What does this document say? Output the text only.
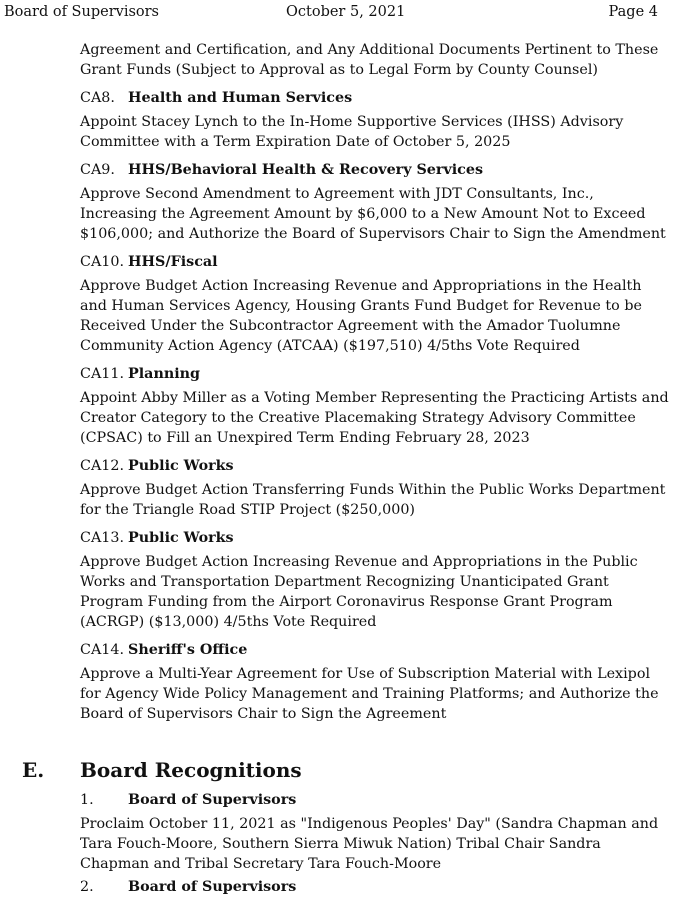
Board of Supervisors	October 5, 2021	Page 4

Agreement and Certification, and Any Additional Documents Pertinent to These Grant Funds (Subject to Approval as to Legal Form by County Counsel)

CA8. Health and Human Services

Appoint Stacey Lynch to the In-Home Supportive Services (IHSS) Advisory Committee with a Term Expiration Date of October 5, 2025

CA9. HHS/Behavioral Health & Recovery Services

Approve Second Amendment to Agreement with JDT Consultants, Inc., Increasing the Agreement Amount by $6,000 to a New Amount Not to Exceed $106,000; and Authorize the Board of Supervisors Chair to Sign the Amendment

CA10. HHS/Fiscal

Approve Budget Action Increasing Revenue and Appropriations in the Health and Human Services Agency, Housing Grants Fund Budget for Revenue to be Received Under the Subcontractor Agreement with the Amador Tuolumne Community Action Agency (ATCAA) ($197,510) 4/5ths Vote Required

CA11. Planning

Appoint Abby Miller as a Voting Member Representing the Practicing Artists and Creator Category to the Creative Placemaking Strategy Advisory Committee (CPSAC) to Fill an Unexpired Term Ending February 28, 2023

CA12. Public Works

Approve Budget Action Transferring Funds Within the Public Works Department for the Triangle Road STIP Project ($250,000)

CA13. Public Works

Approve Budget Action Increasing Revenue and Appropriations in the Public Works and Transportation Department Recognizing Unanticipated Grant Program Funding from the Airport Coronavirus Response Grant Program (ACRGP) ($13,000) 4/5ths Vote Required

CA14. Sheriff's Office

Approve a Multi-Year Agreement for Use of Subscription Material with Lexipol for Agency Wide Policy Management and Training Platforms; and Authorize the Board of Supervisors Chair to Sign the Agreement

E. Board Recognitions
1. Board of Supervisors

Proclaim October 11, 2021 as "Indigenous Peoples' Day" (Sandra Chapman and Tara Fouch-Moore, Southern Sierra Miwuk Nation) Tribal Chair Sandra Chapman and Tribal Secretary Tara Fouch-Moore

2. Board of Supervisors
